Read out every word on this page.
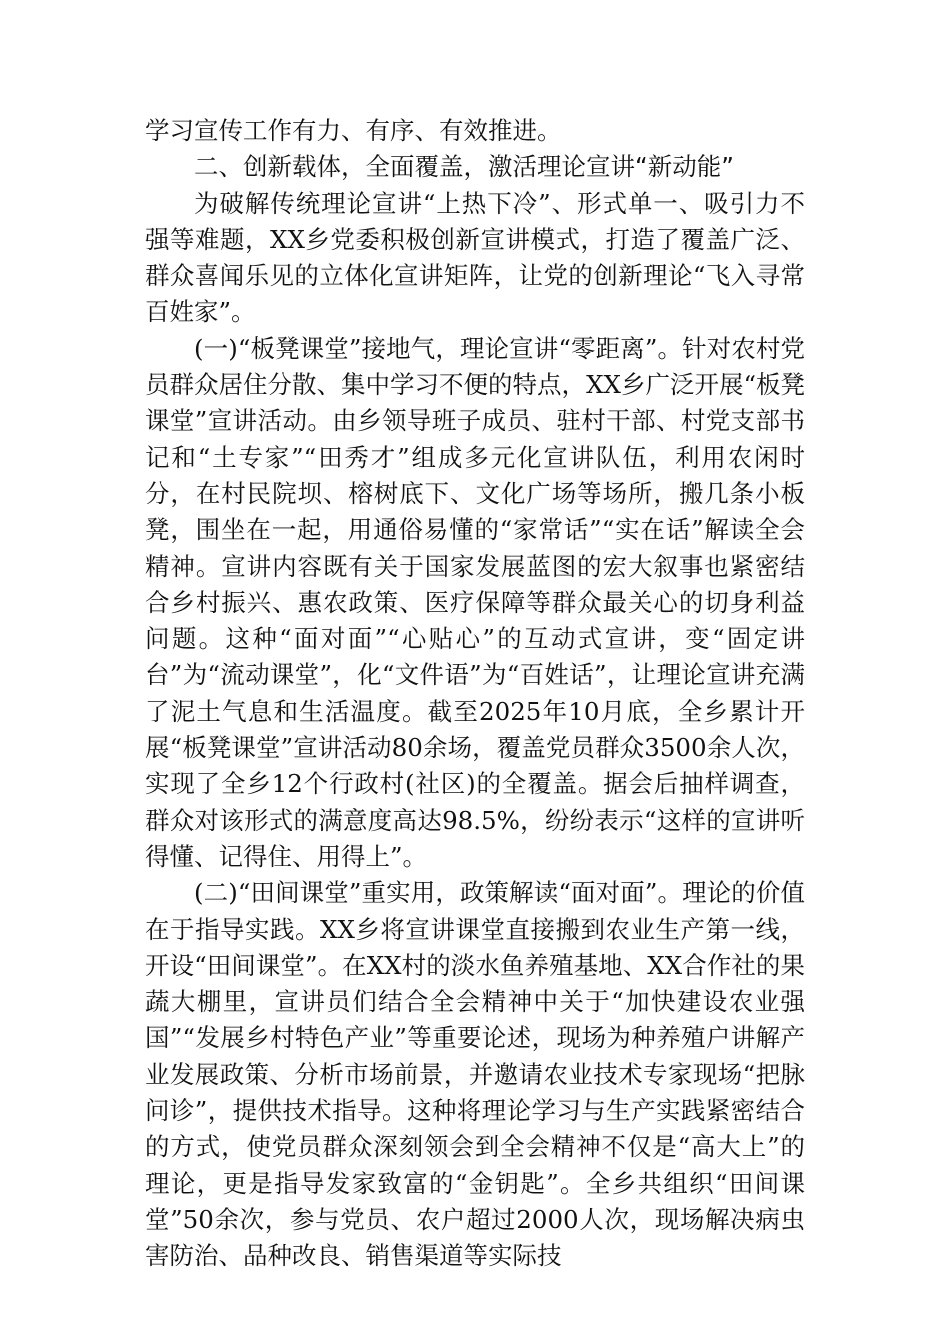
学习宣传工作有力、有序、有效推进。

二、创新载体，全面覆盖，激活理论宣讲“新动能”

为破解传统理论宣讲“上热下冷”、形式单一、吸引力不强等难题，XX乡党委积极创新宣讲模式，打造了覆盖广泛、群众喜闻乐见的立体化宣讲矩阵，让党的创新理论“飞入寻常百姓家”。

(一)“板凳课堂”接地气，理论宣讲“零距离”。针对农村党员群众居住分散、集中学习不便的特点，XX乡广泛开展“板凳课堂”宣讲活动。由乡领导班子成员、驻村干部、村党支部书记和“土专家”“田秀才”组成多元化宣讲队伍，利用农闲时分，在村民院坝、榕树底下、文化广场等场所，搬几条小板凳，围坐在一起，用通俗易懂的“家常话”“实在话”解读全会精神。宣讲内容既有关于国家发展蓝图的宏大叙事也紧密结合乡村振兴、惠农政策、医疗保障等群众最关心的切身利益问题。这种“面对面”“心贴心”的互动式宣讲，变“固定讲台”为“流动课堂”，化“文件语”为“百姓话”，让理论宣讲充满了泥土气息和生活温度。截至2025年10月底，全乡累计开展“板凳课堂”宣讲活动80余场，覆盖党员群众3500余人次，实现了全乡12个行政村(社区)的全覆盖。据会后抽样调查，群众对该形式的满意度高达98.5%，纷纷表示“这样的宣讲听得懂、记得住、用得上”。

(二)“田间课堂”重实用，政策解读“面对面”。理论的价值在于指导实践。XX乡将宣讲课堂直接搬到农业生产第一线，开设“田间课堂”。在XX村的淡水鱼养殖基地、XX合作社的果蔬大棚里，宣讲员们结合全会精神中关于“加快建设农业强国”“发展乡村特色产业”等重要论述，现场为种养殖户讲解产业发展政策、分析市场前景，并邀请农业技术专家现场“把脉问诊”，提供技术指导。这种将理论学习与生产实践紧密结合的方式，使党员群众深刻领会到全会精神不仅是“高大上”的理论，更是指导发家致富的“金钥匙”。全乡共组织“田间课堂”50余次，参与党员、农户超过2000人次，现场解决病虫害防治、品种改良、销售渠道等实际技
